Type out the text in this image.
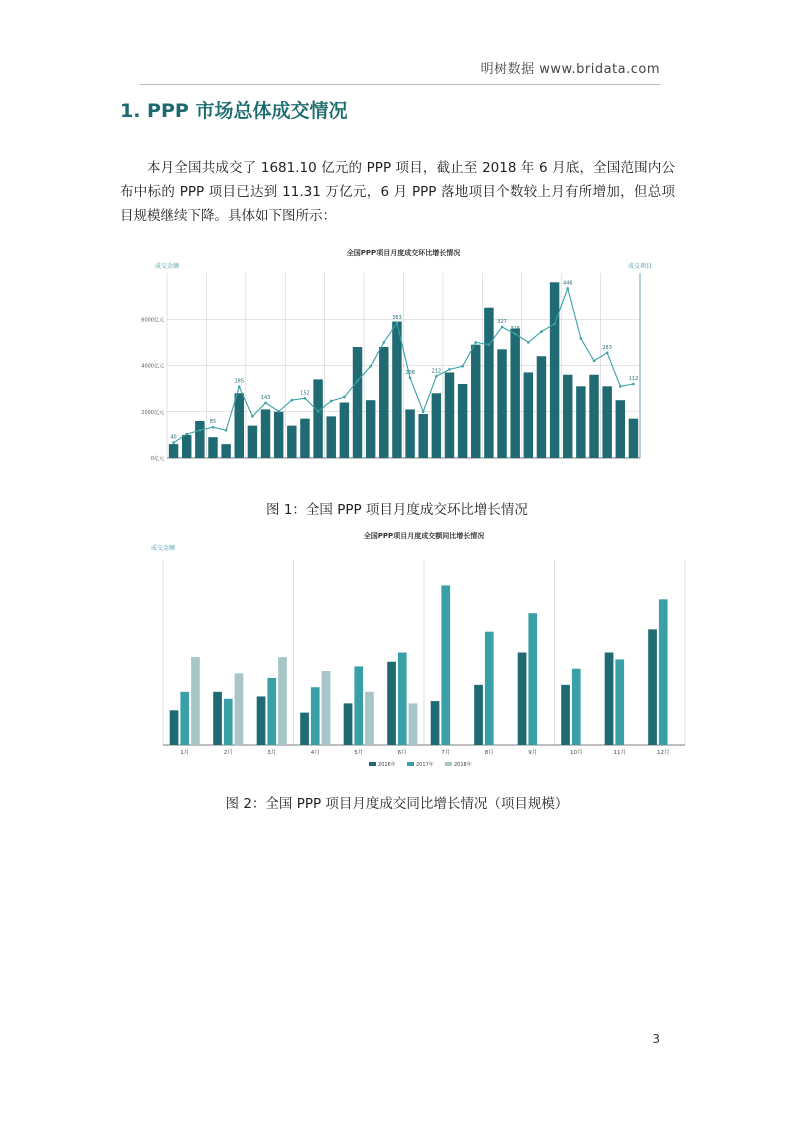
明树数据 www.bridata.com
1. PPP 市场总体成交情况
本月全国共成交了 1681.10 亿元的 PPP 项目，截止至 2018 年 6 月底，全国范围内公布中标的 PPP 项目已达到 11.31 万亿元，6 月 PPP 落地项目个数较上月有所增加，但总项目规模继续下降。具体如下图所示：
全国PPP项目月度成交环比增长情况
成交金额	成交项目
0亿元
2000亿元
4000亿元
6000亿元
40
85
185
143
152
363
208	212
327
316
446
283
112
图 1：全国 PPP 项目月度成交环比增长情况
全国PPP项目月度成交额同比增长情况
成交金额
1月	2月	3月	4月	5月	6月	7月	8月	9月	10月	11月	12月
2016年	2017年	2018年
图 2：全国 PPP 项目月度成交同比增长情况（项目规模）
3
